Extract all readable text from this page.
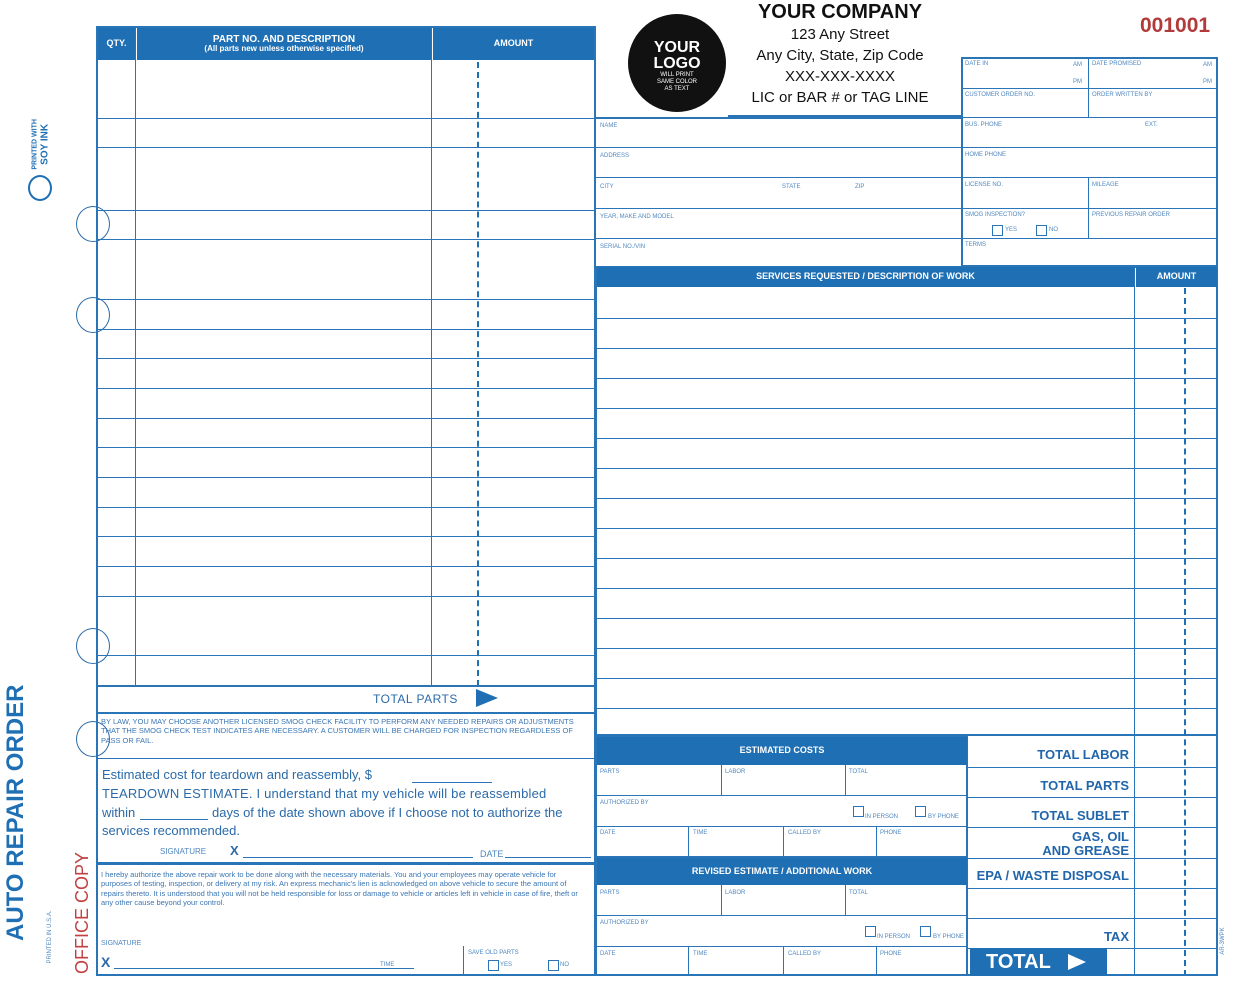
PRINTED WITH SOY INK
AUTO REPAIR ORDER OFFICE COPY
PRINTED IN U.S.A.
QTY.	PART NO. AND DESCRIPTION
(All parts new unless otherwise specified)
AMOUNT
TOTAL PARTS
BY LAW, YOU MAY CHOOSE ANOTHER LICENSED SMOG CHECK FACILITY TO PERFORM ANY NEEDED REPAIRS OR ADJUSTMENTS THAT THE SMOG CHECK TEST INDICATES ARE NECESSARY. A CUSTOMER WILL BE CHARGED FOR INSPECTION REGARDLESS OF PASS OR FAIL.
Estimated cost for teardown and reassembly, $
TEARDOWN ESTIMATE. I understand that my vehicle will be reassembled
within	days of the date shown above if I choose not to authorize the
services recommended.
SIGNATURE X	DATE
I hereby authorize the above repair work to be done along with the necessary materials. You and your employees may operate vehicle for purposes of testing, inspection, or delivery at my risk. An express mechanic's lien is acknowledged on above vehicle to secure the amount of repairs thereto. It is understood that you will not be held responsible for loss or damage to vehicle or articles left in vehicle in case of fire, theft or any other cause beyond your control.
SIGNATURE
X	TIME
SAVE OLD PARTS
YES	NO
YOUR
LOGO
WILL PRINT
SAME COLOR
AS TEXT
YOUR COMPANY
123 Any Street
Any City, State, Zip Code
XXX-XXX-XXXX
LIC or BAR # or TAG LINE
001001
DATE IN	AM
PM
DATE PROMISED	AM
PM
CUSTOMER ORDER NO.	ORDER WRITTEN BY
BUS. PHONE	EXT.
HOME PHONE
LICENSE NO.	MILEAGE
SMOG INSPECTION?
YES	NO
PREVIOUS REPAIR ORDER
TERMS
NAME
ADDRESS
CITY	STATE	ZIP
YEAR, MAKE AND MODEL
SERIAL NO./VIN
SERVICES REQUESTED / DESCRIPTION OF WORK	AMOUNT
ESTIMATED COSTS
PARTS	LABOR	TOTAL
AUTHORIZED BY
IN PERSON	BY PHONE
DATE	TIME	CALLED BY	PHONE
REVISED ESTIMATE / ADDITIONAL WORK
PARTS	LABOR	TOTAL
AUTHORIZED BY
IN PERSON	BY PHONE
DATE	TIME	CALLED BY	PHONE
TOTAL LABOR
TOTAL PARTS
TOTAL SUBLET
GAS, OIL
AND GREASE
EPA / WASTE DISPOSAL
TAX
TOTAL
AR-3WPK
